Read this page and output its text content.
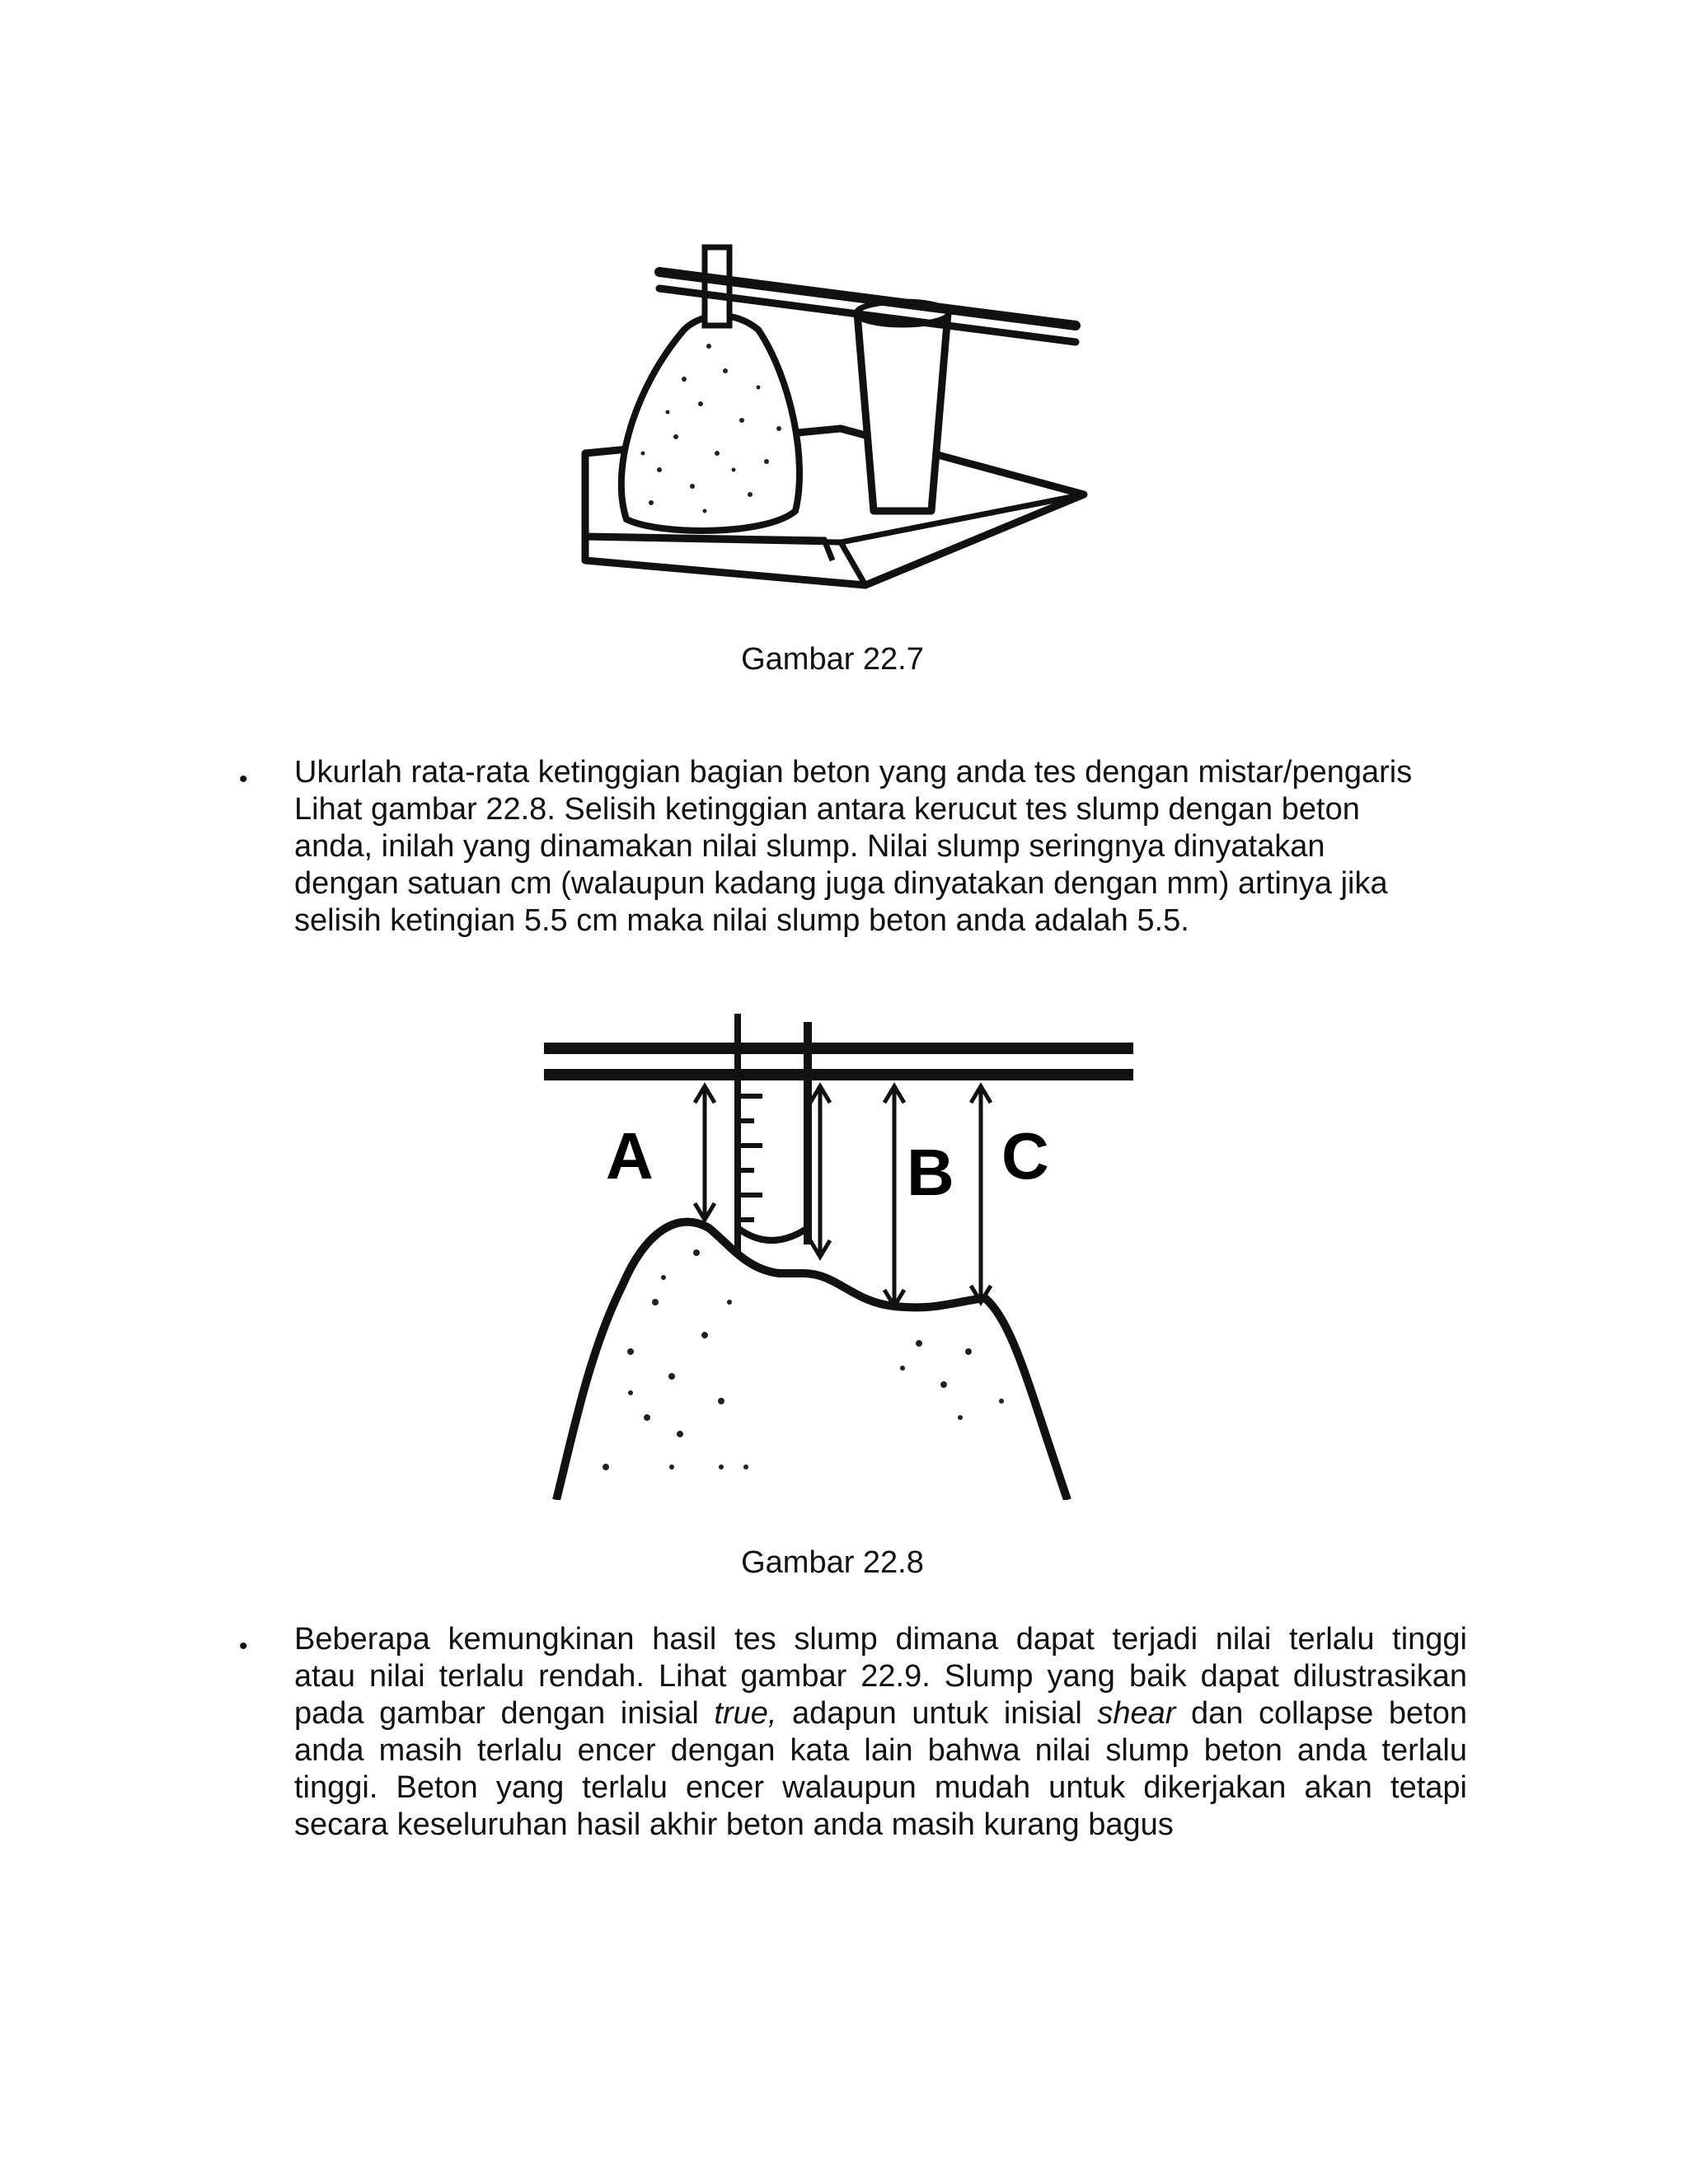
Gambar 22.7
• Ukurlah rata-rata ketinggian bagian beton yang anda tes dengan mistar/pengaris
Lihat gambar 22.8. Selisih ketinggian antara kerucut tes slump dengan beton
anda, inilah yang dinamakan nilai slump. Nilai slump seringnya dinyatakan
dengan satuan cm (walaupun kadang juga dinyatakan dengan mm) artinya jika
selisih ketingian 5.5 cm maka nilai slump beton anda adalah 5.5.

A	B C
Gambar 22.8
• Beberapa kemungkinan hasil tes slump dimana dapat terjadi nilai terlalu tinggi
atau nilai terlalu rendah. Lihat gambar 22.9. Slump yang baik dapat dilustrasikan
pada gambar dengan inisial true, adapun untuk inisial shear dan collapse beton
anda masih terlalu encer dengan kata lain bahwa nilai slump beton anda terlalu
tinggi. Beton yang terlalu encer walaupun mudah untuk dikerjakan akan tetapi
secara keseluruhan hasil akhir beton anda masih kurang bagus
